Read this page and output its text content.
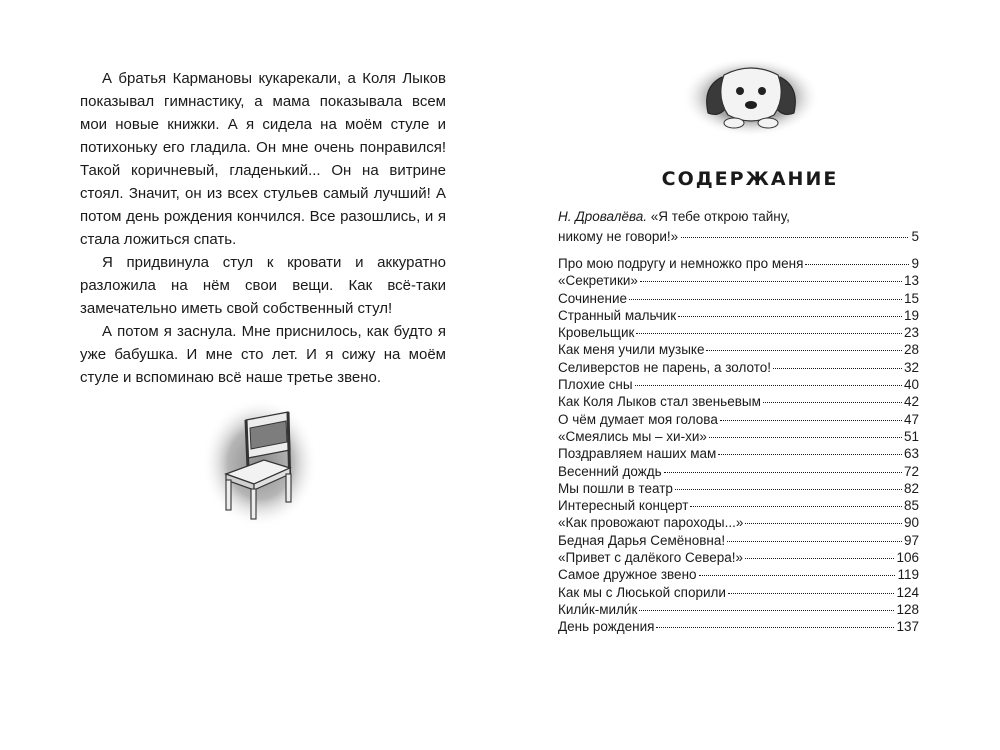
А братья Кармановы кукарекали, а Коля Лыков показывал гимнастику, а мама показывала всем мои новые книжки. А я сидела на моём стуле и потихоньку его гладила. Он мне очень понравился! Такой коричневый, гладенький... Он на витрине стоял. Значит, он из всех стульев самый лучший! А потом день рождения кончился. Все разошлись, и я стала ложиться спать.

Я придвинула стул к кровати и аккуратно разложила на нём свои вещи. Как всё-таки замечательно иметь свой собственный стул!

А потом я заснула. Мне приснилось, как будто я уже бабушка. И мне сто лет. И я сижу на моём стуле и вспоминаю всё наше третье звено.

СОДЕРЖАНИЕ
Н. Дровалёва. «Я тебе открою тайну,
никому не говори!»	5
Про мою подругу и немножко про меня	9
«Секретики»	13
Сочинение	15
Странный мальчик	19
Кровельщик	23
Как меня учили музыке	28
Селиверстов не парень, а золото!	32
Плохие сны	40
Как Коля Лыков стал звеньевым	42
О чём думает моя голова	47
«Смеялись мы – хи-хи»	51
Поздравляем наших мам	63
Весенний дождь	72
Мы пошли в театр	82
Интересный концерт	85
«Как провожают пароходы...»	90
Бедная Дарья Семёновна!	97
«Привет с далёкого Севера!»	106
Самое дружное звено	119
Как мы с Люськой спорили	124
Кили́к-мили́к	128
День рождения	137
